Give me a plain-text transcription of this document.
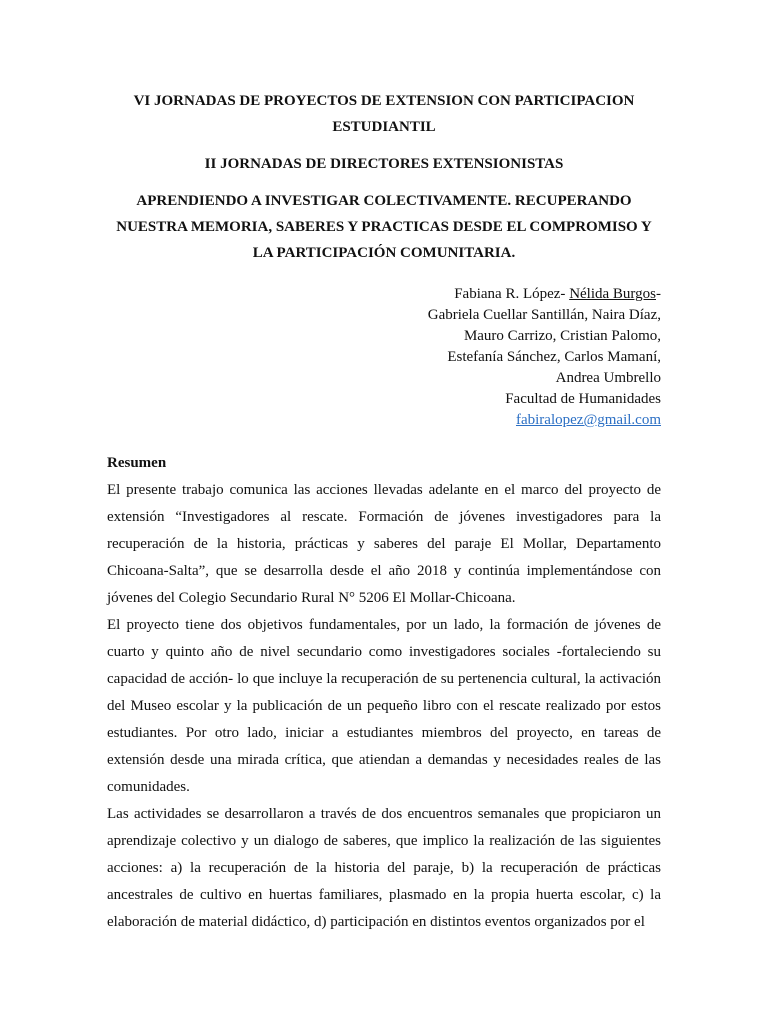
VI JORNADAS DE PROYECTOS DE EXTENSION CON PARTICIPACION ESTUDIANTIL

II JORNADAS DE DIRECTORES EXTENSIONISTAS

APRENDIENDO A INVESTIGAR COLECTIVAMENTE. RECUPERANDO NUESTRA MEMORIA, SABERES Y PRACTICAS DESDE EL COMPROMISO Y LA PARTICIPACIÓN COMUNITARIA.

Fabiana R. López- Nélida Burgos-
Gabriela Cuellar Santillán, Naira Díaz,
Mauro Carrizo, Cristian Palomo,
Estefanía Sánchez, Carlos Mamaní,
Andrea Umbrello
Facultad de Humanidades
fabiralopez@gmail.com
Resumen

El presente trabajo comunica las acciones llevadas adelante en el marco del proyecto de extensión “Investigadores al rescate. Formación de jóvenes investigadores para la recuperación de la historia, prácticas y saberes del paraje El Mollar, Departamento Chicoana-Salta”, que se desarrolla desde el año 2018 y continúa implementándose con jóvenes del Colegio Secundario Rural N° 5206 El Mollar-Chicoana.

El proyecto tiene dos objetivos fundamentales, por un lado, la formación de jóvenes de cuarto y quinto año de nivel secundario como investigadores sociales -fortaleciendo su capacidad de acción- lo que incluye la recuperación de su pertenencia cultural, la activación del Museo escolar y la publicación de un pequeño libro con el rescate realizado por estos estudiantes. Por otro lado, iniciar a estudiantes miembros del proyecto, en tareas de extensión desde una mirada crítica, que atiendan a demandas y necesidades reales de las comunidades.

Las actividades se desarrollaron a través de dos encuentros semanales que propiciaron un aprendizaje colectivo y un dialogo de saberes, que implico la realización de las siguientes acciones: a) la recuperación de la historia del paraje, b) la recuperación de prácticas ancestrales de cultivo en huertas familiares, plasmado en la propia huerta escolar, c) la elaboración de material didáctico, d) participación en distintos eventos organizados por el
